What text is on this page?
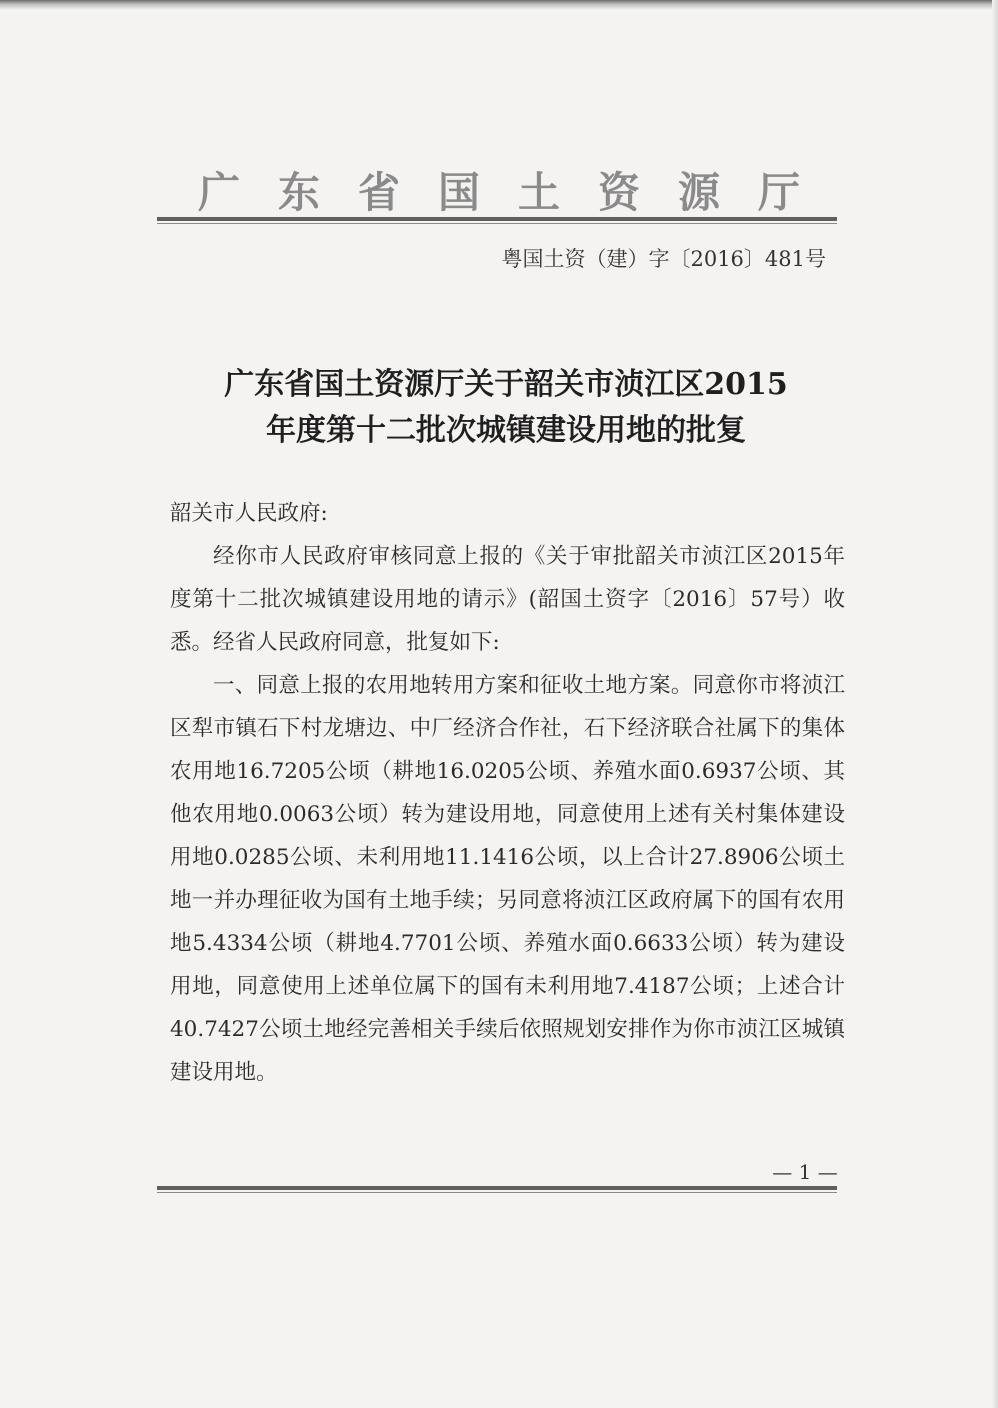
广东省国土资源厅
粤国土资（建）字〔2016〕481号
广东省国土资源厅关于韶关市浈江区2015
年度第十二批次城镇建设用地的批复

韶关市人民政府:

经你市人民政府审核同意上报的《关于审批韶关市浈江区2015年度第十二批次城镇建设用地的请示》(韶国土资字〔2016〕57号）收悉。经省人民政府同意，批复如下:

一、同意上报的农用地转用方案和征收土地方案。同意你市将浈江区犁市镇石下村龙塘边、中厂经济合作社，石下经济联合社属下的集体农用地16.7205公顷（耕地16.0205公顷、养殖水面0.6937公顷、其他农用地0.0063公顷）转为建设用地，同意使用上述有关村集体建设用地0.0285公顷、未利用地11.1416公顷，以上合计27.8906公顷土地一并办理征收为国有土地手续；另同意将浈江区政府属下的国有农用地5.4334公顷（耕地4.7701公顷、养殖水面0.6633公顷）转为建设用地，同意使用上述单位属下的国有未利用地7.4187公顷；上述合计40.7427公顷土地经完善相关手续后依照规划安排作为你市浈江区城镇建设用地。

— 1 —
